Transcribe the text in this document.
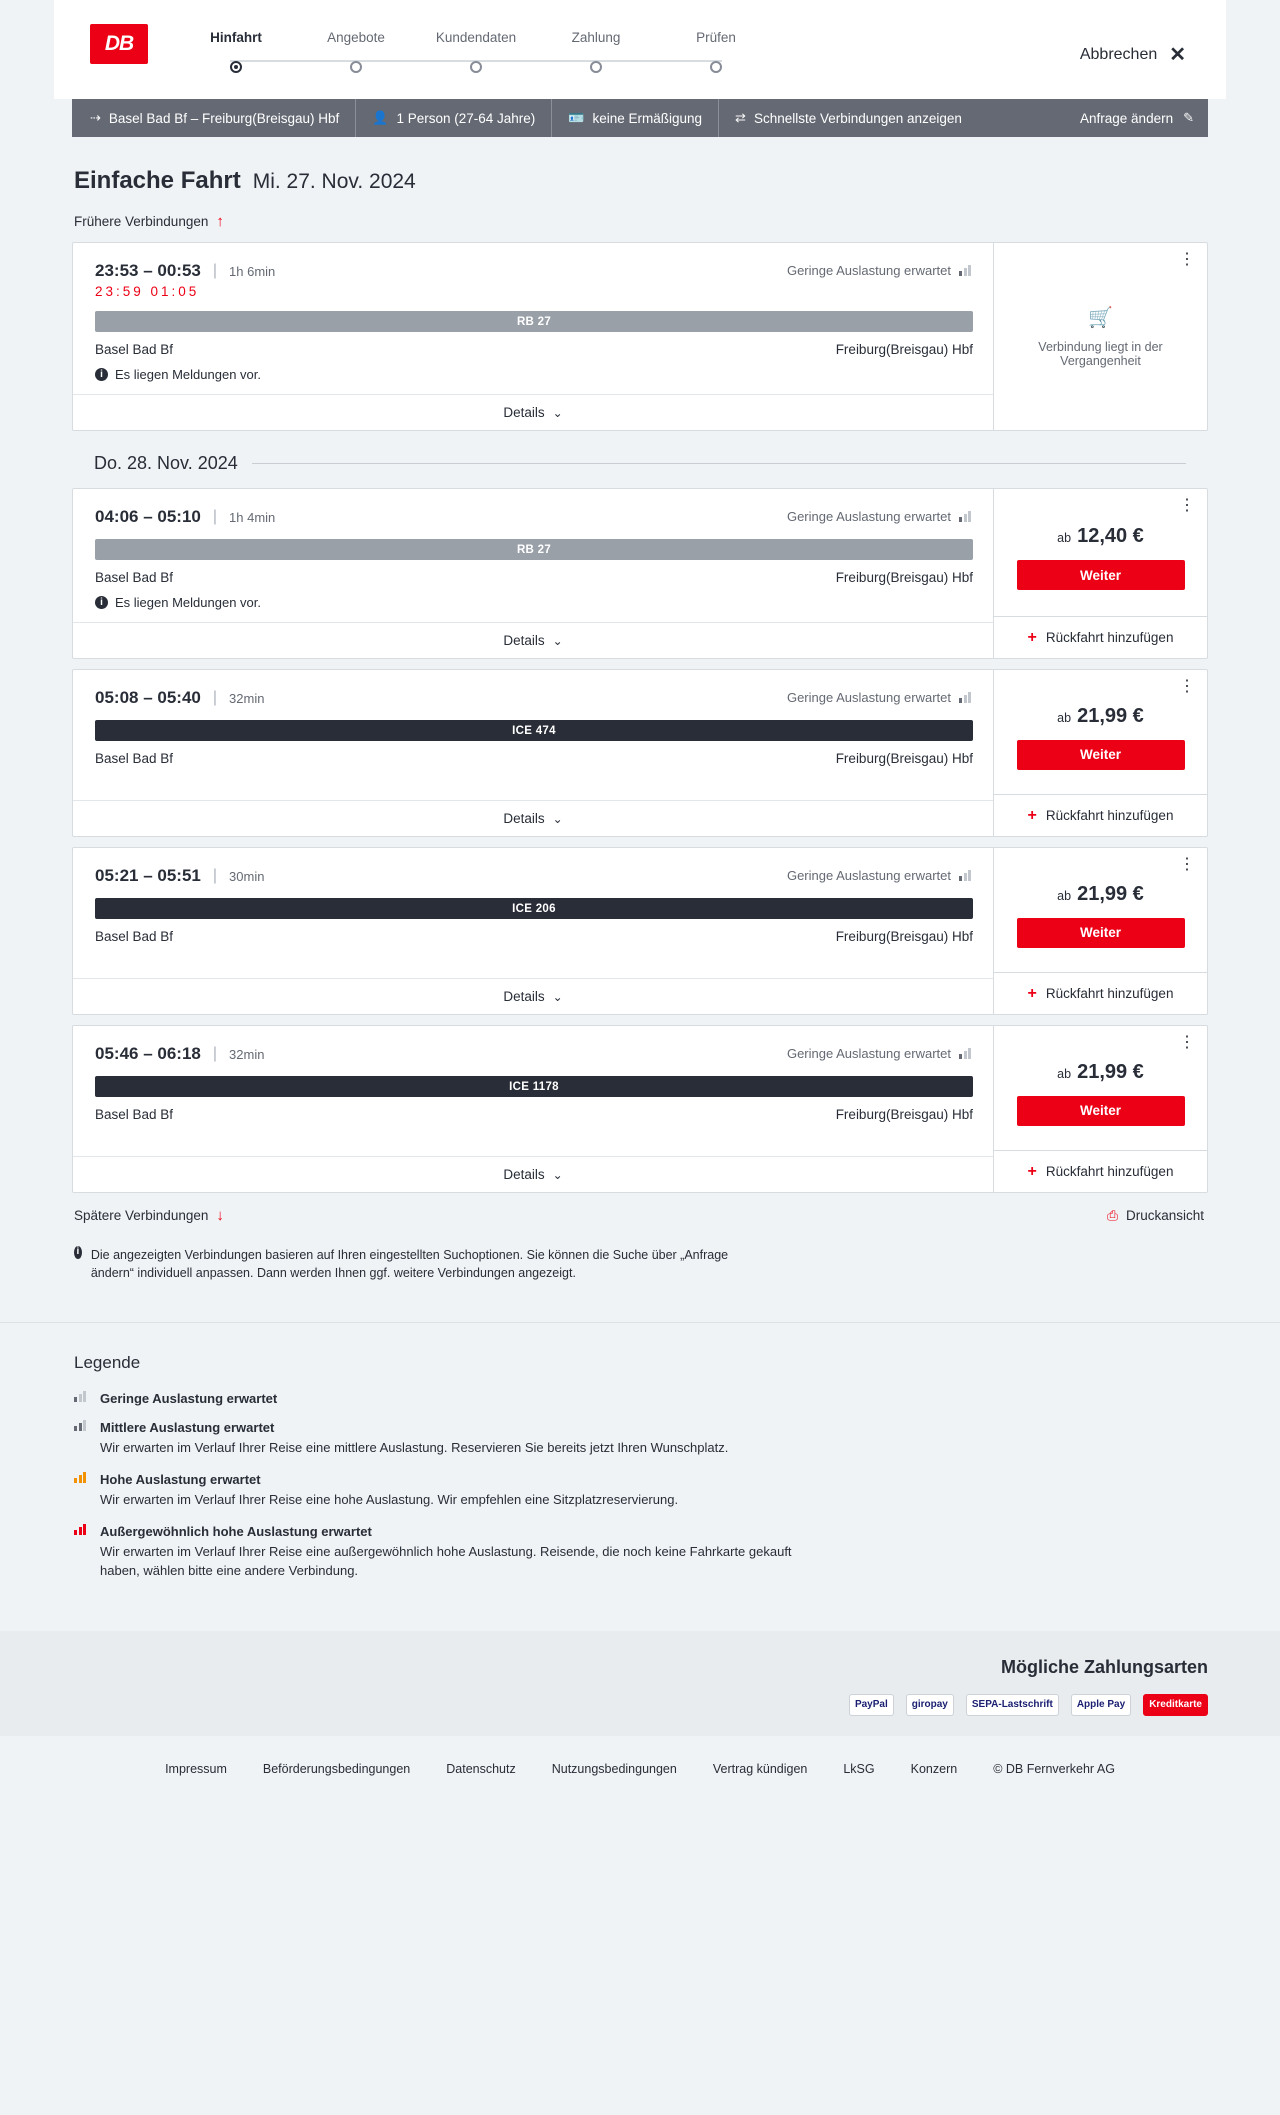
DB	Hinfahrt	Angebote	Kundendaten	Zahlung	Prüfen
Abbrechen ✕
⇢ Basel Bad Bf – Freiburg(Breisgau) Hbf	👤 1 Person (27-64 Jahre)	🪪 keine Ermäßigung	⇄ Schnellste Verbindungen anzeigen	Anfrage ändern ✎
Einfache Fahrt Mi. 27. Nov. 2024
Frühere Verbindungen ↑
23:53 – 00:53 | 1h 6min
23:59 01:05
Geringe Auslastung erwartet
RB 27
Basel Bad Bf	Freiburg(Breisgau) Hbf
i Es liegen Meldungen vor.
Details ⌄
⋮
🛒
Verbindung liegt in der Vergangenheit
Do. 28. Nov. 2024
04:06 – 05:10 | 1h 4min	Geringe Auslastung erwartet
RB 27
Basel Bad Bf	Freiburg(Breisgau) Hbf
i Es liegen Meldungen vor.
Details ⌄
⋮
ab 12,40 €
Weiter
+ Rückfahrt hinzufügen
05:08 – 05:40 | 32min	Geringe Auslastung erwartet
ICE 474
Basel Bad Bf	Freiburg(Breisgau) Hbf
Details ⌄
⋮
ab 21,99 €
Weiter
+ Rückfahrt hinzufügen
05:21 – 05:51 | 30min	Geringe Auslastung erwartet
ICE 206
Basel Bad Bf	Freiburg(Breisgau) Hbf
Details ⌄
⋮
ab 21,99 €
Weiter
+ Rückfahrt hinzufügen
05:46 – 06:18 | 32min	Geringe Auslastung erwartet
ICE 1178
Basel Bad Bf	Freiburg(Breisgau) Hbf
Details ⌄
⋮
ab 21,99 €
Weiter
+ Rückfahrt hinzufügen
Spätere Verbindungen ↓	⎙ Druckansicht
i Die angezeigten Verbindungen basieren auf Ihren eingestellten Suchoptionen. Sie können die Suche über „Anfrage ändern“ individuell anpassen. Dann werden Ihnen ggf. weitere Verbindungen angezeigt.
Legende
Geringe Auslastung erwartet
Mittlere Auslastung erwartet
Wir erwarten im Verlauf Ihrer Reise eine mittlere Auslastung. Reservieren Sie bereits jetzt Ihren Wunschplatz.
Hohe Auslastung erwartet
Wir erwarten im Verlauf Ihrer Reise eine hohe Auslastung. Wir empfehlen eine Sitzplatzreservierung.
Außergewöhnlich hohe Auslastung erwartet
Wir erwarten im Verlauf Ihrer Reise eine außergewöhnlich hohe Auslastung. Reisende, die noch keine Fahrkarte gekauft haben, wählen bitte eine andere Verbindung.
Mögliche Zahlungsarten
PayPal	giropay	SEPA-Lastschrift	Apple Pay	Kreditkarte
Impressum	Beförderungsbedingungen	Datenschutz	Nutzungsbedingungen	Vertrag kündigen	LkSG	Konzern	© DB Fernverkehr AG
